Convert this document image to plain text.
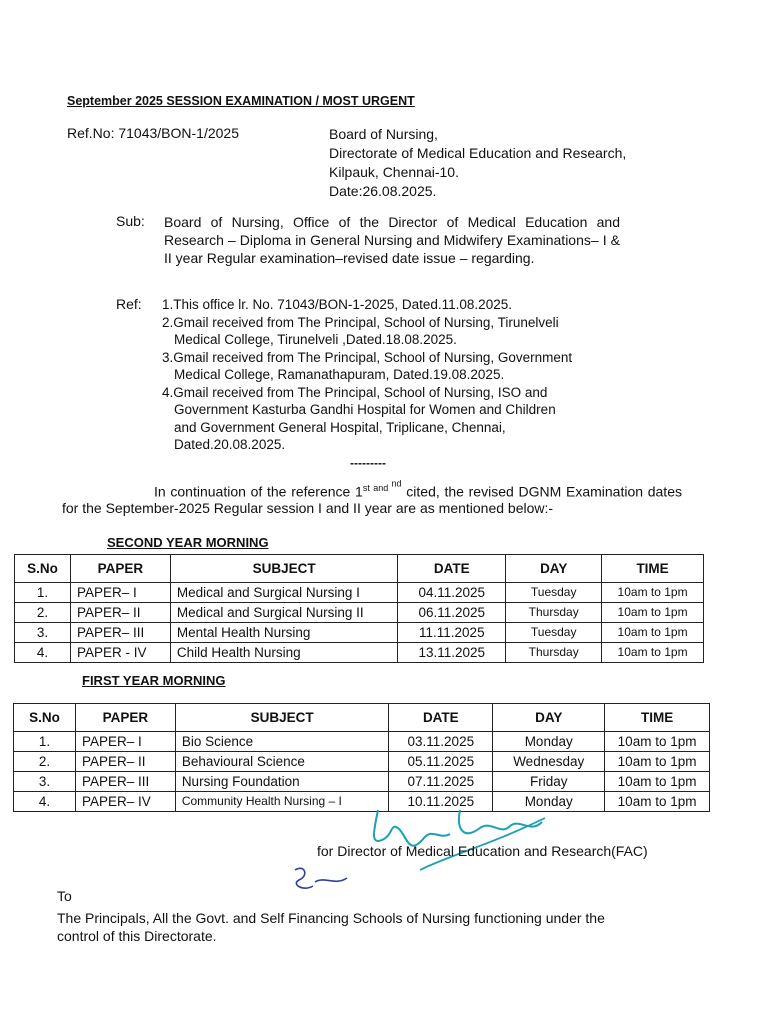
September 2025 SESSION EXAMINATION / MOST URGENT
Ref.No: 71043/BON-1/2025	Board of Nursing,
Directorate of Medical Education and Research,
Kilpauk, Chennai-10.
Date:26.08.2025.
Sub: Board of Nursing, Office of the Director of Medical Education and Research – Diploma in General Nursing and Midwifery Examinations– I & II year Regular examination–revised date issue – regarding.
Ref: 1.This office lr. No. 71043/BON-1-2025, Dated.11.08.2025.
2.Gmail received from The Principal, School of Nursing, Tirunelveli
Medical College, Tirunelveli ,Dated.18.08.2025.
3.Gmail received from The Principal, School of Nursing, Government
Medical College, Ramanathapuram, Dated.19.08.2025.
4.Gmail received from The Principal, School of Nursing, ISO and
Government Kasturba Gandhi Hospital for Women and Children
and Government General Hospital, Triplicane, Chennai,
Dated.20.08.2025.
---------
In continuation of the reference 1st $^{and}$ $^{nd}$ cited, the revised DGNM Examination dates for the September-2025 Regular session I and II year are as mentioned below:-
SECOND YEAR MORNING
S.No	PAPER	SUBJECT	DATE	DAY	TIME
1.	PAPER– I	Medical and Surgical Nursing I	04.11.2025	Tuesday	10am to 1pm
2.	PAPER– II	Medical and Surgical Nursing II	06.11.2025	Thursday	10am to 1pm
3.	PAPER– III	Mental Health Nursing	11.11.2025	Tuesday	10am to 1pm
4.	PAPER - IV	Child Health Nursing	13.11.2025	Thursday	10am to 1pm
FIRST YEAR MORNING
S.No	PAPER	SUBJECT	DATE	DAY	TIME
1.	PAPER– I	Bio Science	03.11.2025	Monday	10am to 1pm
2.	PAPER– II	Behavioural Science	05.11.2025	Wednesday	10am to 1pm
3.	PAPER– III	Nursing Foundation	07.11.2025	Friday	10am to 1pm
4.	PAPER– IV	Community Health Nursing – I	10.11.2025	Monday	10am to 1pm
for Director of Medical Education and Research(FAC)
To
The Principals, All the Govt. and Self Financing Schools of Nursing functioning under the
control of this Directorate.
